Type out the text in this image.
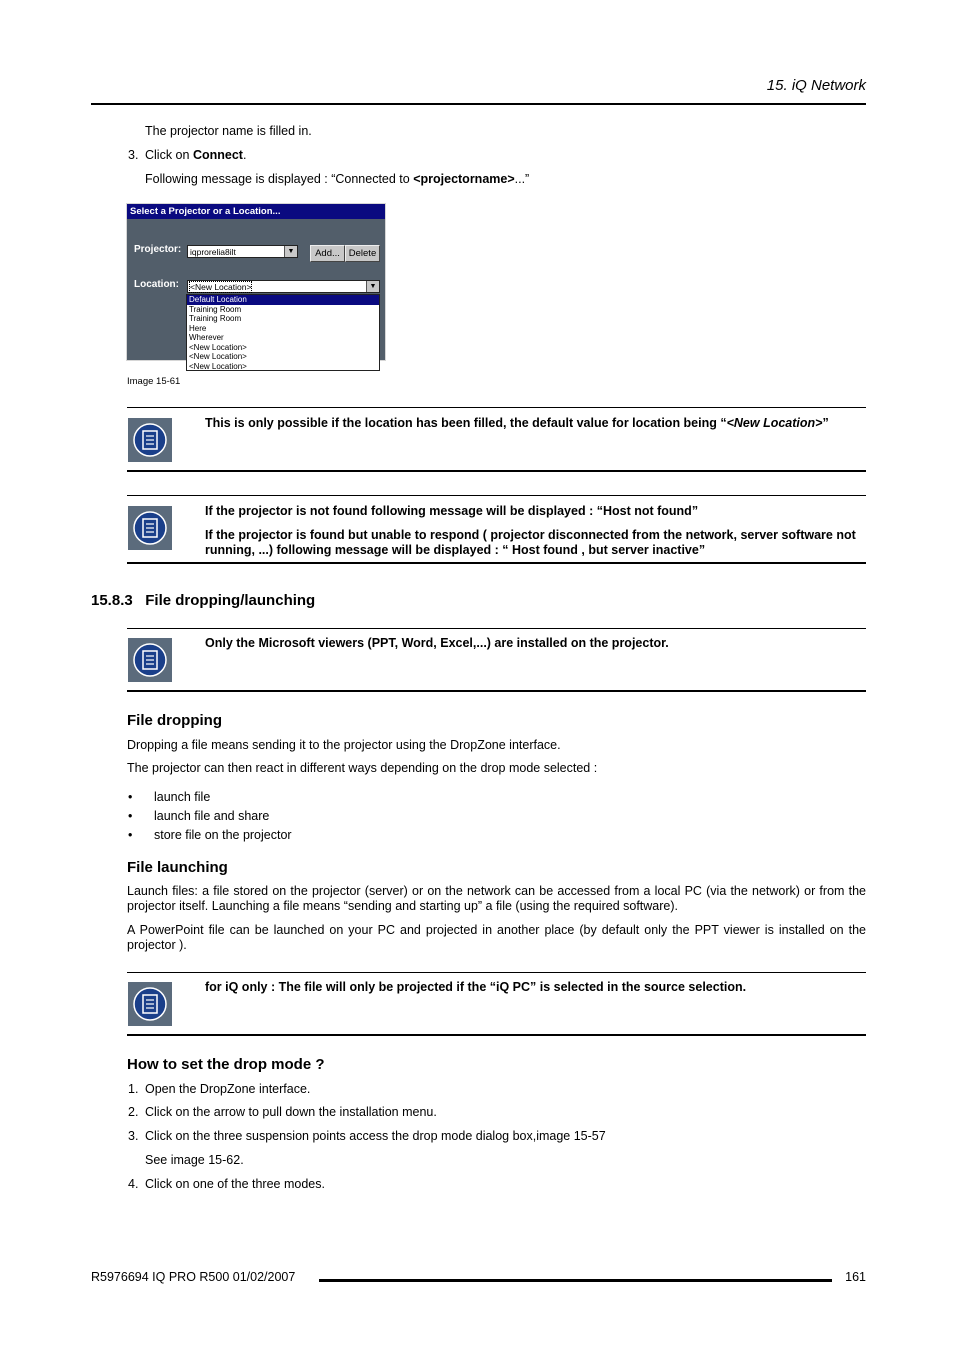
15. iQ Network
The projector name is filled in.
3. Click on Connect.
Following message is displayed : “Connected to <projectorname>...”
Select a Projector or a Location...
Projector:	iqprorelia8ilt	▼	Add... Delete
Location:	<New Location>	▼
Default Location
Training Room
Training Room
Here
Wherever
<New Location>
<New Location>
<New Location>
Image 15-61
This is only possible if the location has been filled, the default value for location being “<New Location>”
If the projector is not found following message will be displayed : “Host not found”
If the projector is found but unable to respond ( projector disconnected from the network, server software not running, ...) following message will be displayed : “ Host found , but server inactive”
15.8.3 File dropping/launching
Only the Microsoft viewers (PPT, Word, Excel,...) are installed on the projector.
File dropping
Dropping a file means sending it to the projector using the DropZone interface.
The projector can then react in different ways depending on the drop mode selected :
• launch file
• launch file and share
• store file on the projector
File launching
Launch files: a file stored on the projector (server) or on the network can be accessed from a local PC (via the network) or from the projector itself. Launching a file means “sending and starting up” a file (using the required software).
A PowerPoint file can be launched on your PC and projected in another place (by default only the PPT viewer is installed on the projector ).
for iQ only : The file will only be projected if the “iQ PC” is selected in the source selection.
How to set the drop mode ?
1. Open the DropZone interface.
2. Click on the arrow to pull down the installation menu.
3. Click on the three suspension points access the drop mode dialog box,image 15-57
See image 15-62.
4. Click on one of the three modes.
R5976694 IQ PRO R500 01/02/2007	161
